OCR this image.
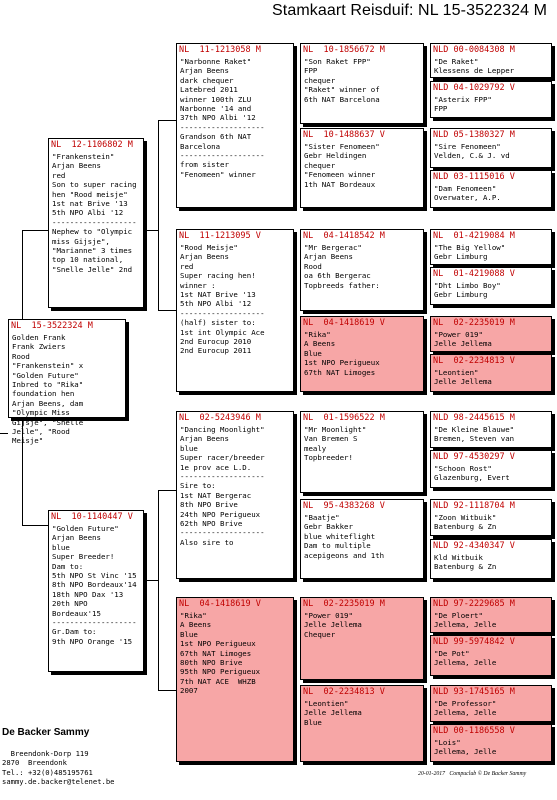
Stamkaart Reisduif: NL 15-3522324 M
NL  15-3522324 M
Golden Frank
Frank Zwiers
Rood
"Frankenstein" x
"Golden Future"
Inbred to "Rika"
foundation hen
Arjan Beens, dam
"Olympic Miss
Gijsje", "Snelle
Jelle", "Rood
Meisje"
NL  12-1106802 M
"Frankenstein"
Arjan Beens
red
Son to super racing
hen "Rood meisje"
1st nat Brive '13
5th NPO Albi '12
-------------------
Nephew to "Olympic
miss Gijsje",
"Marianne" 3 times
top 10 national,
"Snelle Jelle" 2nd
NL  10-1140447 V
"Golden Future"
Arjan Beens
blue
Super Breeder!
Dam to:
5th NPO St Vinc '15
8th NPO Bordeaux'14
18th NPO Dax '13
20th NPO
Bordeaux'15
-------------------
Gr.Dam to:
9th NPO Orange '15
NL  11-1213058 M
"Narbonne Raket"
Arjan Beens
dark chequer
Latebred 2011
winner 100th ZLU
Narbonne '14 and
37th NPO Albi '12
-------------------
Grandson 6th NAT
Barcelona
-------------------
from sister
"Fenomeen" winner
NL  11-1213095 V
"Rood Meisje"
Arjan Beens
red
Super racing hen!
winner :
1st NAT Brive '13
5th NPO Albi '12
-------------------
(half) sister to:
1st int Olympic Ace
2nd Eurocup 2010
2nd Eurocup 2011
NL  02-5243946 M
"Dancing Moonlight"
Arjan Beens
blue
Super racer/breeder
1e prov ace L.D.
-------------------
Sire to:
1st NAT Bergerac
8th NPO Brive
24th NPO Perigueux
62th NPO Brive
-------------------
Also sire to
NL  04-1418619 V
"Rika"
A Beens
Blue
1st NPO Perigueux
67th NAT Limoges
80th NPO Brive
95th NPO Perigueux
7th NAT ACE  WHZB
2007
NL  10-1856672 M
"Son Raket FPP"
FPP
chequer
"Raket" winner of
6th NAT Barcelona
NL  10-1488637 V
"Sister Fenomeen"
Gebr Heldingen
chequer
"Fenomeen winner
1th NAT Bordeaux
NL  04-1418542 M
"Mr Bergerac"
Arjan Beens
Rood
oa 6th Bergerac
Topbreeds father:
NL  04-1418619 V
"Rika"
A Beens
Blue
1st NPO Perigueux
67th NAT Limoges
NL  01-1596522 M
"Mr Moonlight"
Van Bremen S
mealy
Topbreeder!
NL  95-4383268 V
"Baatje"
Gebr Bakker
blue whiteflight
Dam to multiple
acepigeons and 1th
NL  02-2235019 M
"Power 019"
Jelle Jellema
Chequer
NL  02-2234813 V
"Leontien"
Jelle Jellema
Blue
NLD 00-0084308 M
"De Raket"
Klessens de Lepper
NLD 04-1029792 V
"Asterix FPP"
FPP
NLD 05-1380327 M
"Sire Fenomeen"
Velden, C.& J. vd
NLD 03-1115016 V
"Dam Fenomeen"
Overwater, A.P.
NL  01-4219084 M
"The Big Yellow"
Gebr Limburg
NL  01-4219088 V
"Dht Limbo Boy"
Gebr Limburg
NL  02-2235019 M
"Power 019"
Jelle Jellema
NL  02-2234813 V
"Leontien"
Jelle Jellema
NLD 98-2445615 M
"De Kleine Blauwe"
Bremen, Steven van
NLD 97-4530297 V
"Schoon Rost"
Glazenburg, Evert
NLD 92-1118704 M
"Zoon Witbuik"
Batenburg & Zn
NLD 92-4340347 V
Kld Witbuik
Batenburg & Zn
NLD 97-2229685 M
"De Ploert"
Jellema, Jelle
NLD 99-5974842 V
"De Pot"
Jellema, Jelle
NLD 93-1745165 M
"De Professor"
Jellema, Jelle
NLD 00-1186558 V
"Lois"
Jellema, Jelle

De Backer Sammy

Breendonk-Dorp 119
2870  Breendonk
Tel.: +32(0)485195761
sammy.de.backer@telenet.be

20-01-2017   Compuclub © De Backer Sammy
